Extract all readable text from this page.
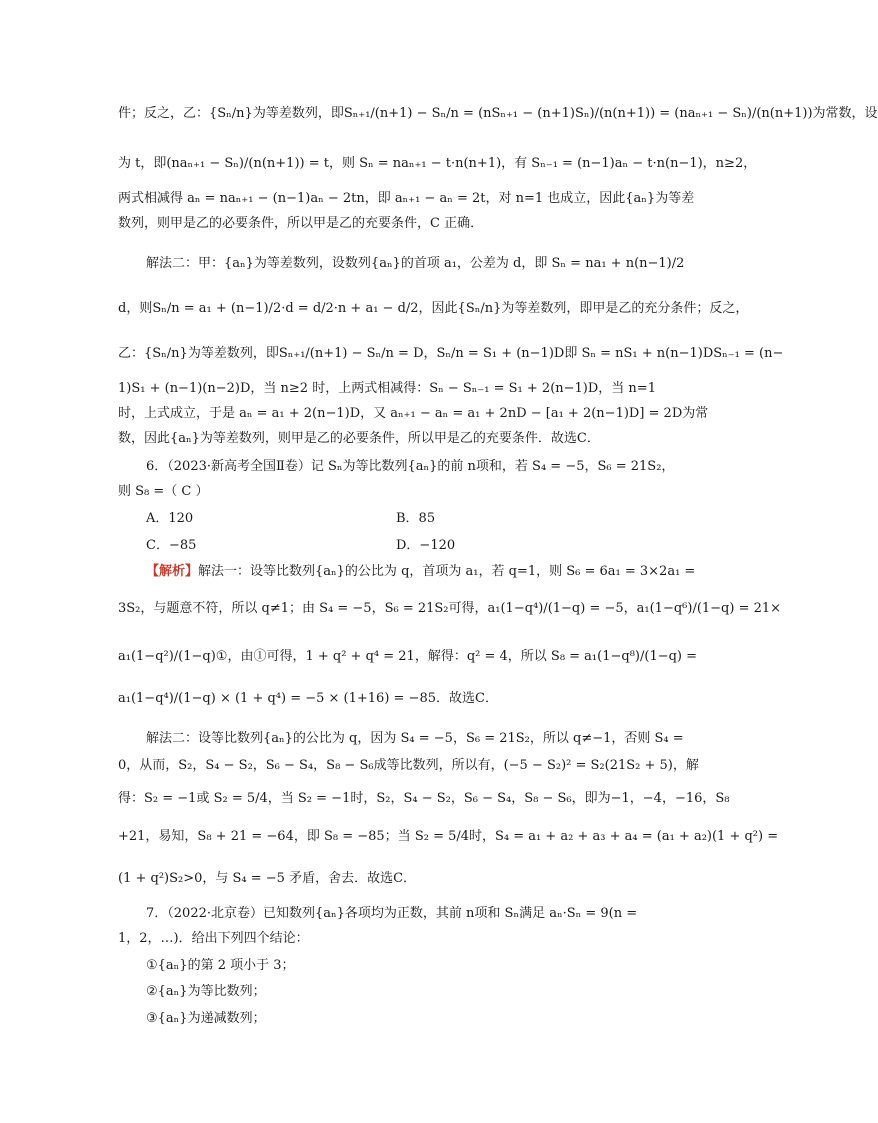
件；反之，乙：{Sₙ/n}为等差数列，即Sₙ₊₁/(n+1) − Sₙ/n = (nSₙ₊₁ − (n+1)Sₙ)/(n(n+1)) = (naₙ₊₁ − Sₙ)/(n(n+1))为常数，设
为 t，即(naₙ₊₁ − Sₙ)/(n(n+1)) = t，则 Sₙ = naₙ₊₁ − t·n(n+1)，有 Sₙ₋₁ = (n−1)aₙ − t·n(n−1)，n≥2，
两式相减得 aₙ = naₙ₊₁ − (n−1)aₙ − 2tn，即 aₙ₊₁ − aₙ = 2t，对 n=1 也成立，因此{aₙ}为等差
数列，则甲是乙的必要条件，所以甲是乙的充要条件，C 正确．
解法二：甲：{aₙ}为等差数列，设数列{aₙ}的首项 a₁，公差为 d，即 Sₙ = na₁ + n(n−1)/2
d，则Sₙ/n = a₁ + (n−1)/2·d = d/2·n + a₁ − d/2，因此{Sₙ/n}为等差数列，即甲是乙的充分条件；反之，
乙：{Sₙ/n}为等差数列，即Sₙ₊₁/(n+1) − Sₙ/n = D，Sₙ/n = S₁ + (n−1)D即 Sₙ = nS₁ + n(n−1)DSₙ₋₁ = (n−
1)S₁ + (n−1)(n−2)D，当 n≥2 时，上两式相减得：Sₙ − Sₙ₋₁ = S₁ + 2(n−1)D，当 n=1
时，上式成立，于是 aₙ = a₁ + 2(n−1)D，又 aₙ₊₁ − aₙ = a₁ + 2nD − [a₁ + 2(n−1)D] = 2D为常
数，因此{aₙ}为等差数列，则甲是乙的必要条件，所以甲是乙的充要条件．故选C．
6．（2023·新高考全国Ⅱ卷）记 Sₙ为等比数列{aₙ}的前 n项和，若 S₄ = −5，S₆ = 21S₂，
则 S₈ =（ C ）
【解析】解法一：设等比数列{aₙ}的公比为 q，首项为 a₁，若 q=1，则 S₆ = 6a₁ = 3×2a₁ =
3S₂，与题意不符，所以 q≠1；由 S₄ = −5，S₆ = 21S₂可得，a₁(1−q⁴)/(1−q) = −5，a₁(1−q⁶)/(1−q) = 21×
a₁(1−q²)/(1−q)①，由①可得，1 + q² + q⁴ = 21，解得：q² = 4，所以 S₈ = a₁(1−q⁸)/(1−q) =
a₁(1−q⁴)/(1−q) × (1 + q⁴) = −5 × (1+16) = −85．故选C．
解法二：设等比数列{aₙ}的公比为 q，因为 S₄ = −5，S₆ = 21S₂，所以 q≠−1，否则 S₄ =
0，从而，S₂，S₄ − S₂，S₆ − S₄，S₈ − S₆成等比数列，所以有，(−5 − S₂)² = S₂(21S₂ + 5)，解
得：S₂ = −1或 S₂ = 5/4，当 S₂ = −1时，S₂，S₄ − S₂，S₆ − S₄，S₈ − S₆，即为−1，−4，−16，S₈
+21，易知，S₈ + 21 = −64，即 S₈ = −85；当 S₂ = 5/4时，S₄ = a₁ + a₂ + a₃ + a₄ = (a₁ + a₂)(1 + q²) =
(1 + q²)S₂>0，与 S₄ = −5 矛盾，舍去．故选C．
7．（2022·北京卷）已知数列{aₙ}各项均为正数，其前 n项和 Sₙ满足 aₙ·Sₙ = 9(n =
1，2，…)．给出下列四个结论：
①{aₙ}的第 2 项小于 3；
②{aₙ}为等比数列；
③{aₙ}为递减数列；
A．120	B．85
C．−85	D．−120
